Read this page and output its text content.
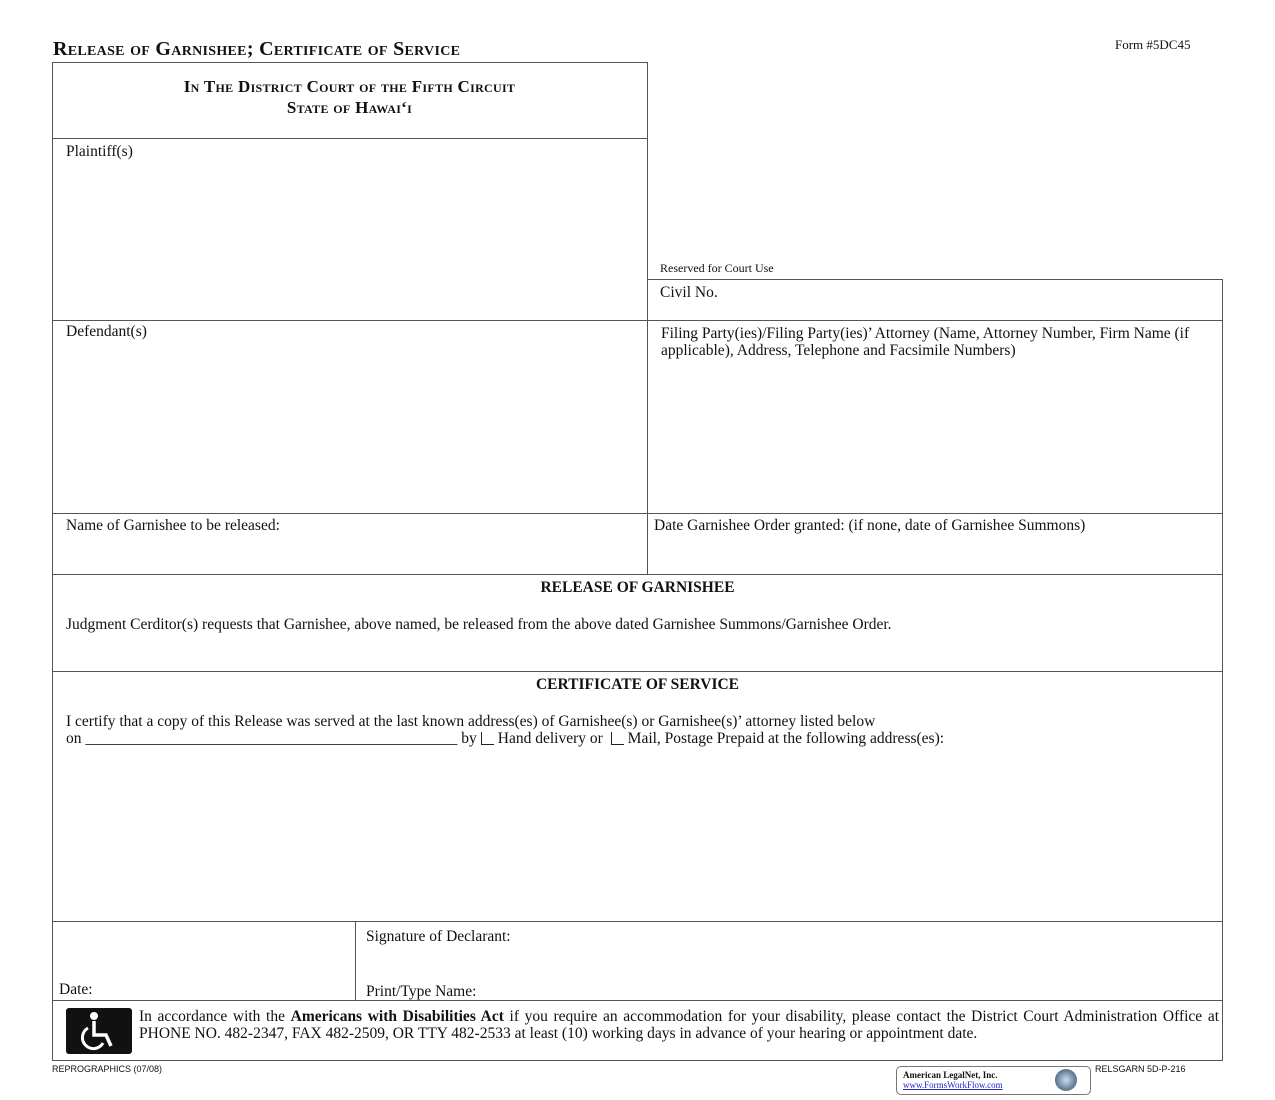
Release of Garnishee; Certificate of Service	Form #5DC45
In The District Court of the Fifth Circuit
State of Hawai‘i
Plaintiff(s)
Reserved for Court Use
Civil No.
Defendant(s)	Filing Party(ies)/Filing Party(ies)’ Attorney (Name, Attorney Number, Firm Name (if applicable), Address, Telephone and Facsimile Numbers)
Name of Garnishee to be released:	Date Garnishee Order granted: (if none, date of Garnishee Summons)
RELEASE OF GARNISHEE
Judgment Cerditor(s) requests that Garnishee, above named, be released from the above dated Garnishee Summons/Garnishee Order.
CERTIFICATE OF SERVICE
I certify that a copy of this Release was served at the last known address(es) of Garnishee(s) or Garnishee(s)’ attorney listed below
on ________________________________________________ by Hand delivery or Mail, Postage Prepaid at the following address(es):
Date:
Signature of Declarant:
Print/Type Name:
In accordance with the Americans with Disabilities Act if you require an accommodation for your disability, please contact the District Court Administration Office at PHONE NO. 482-2347, FAX 482-2509, OR TTY 482-2533 at least (10) working days in advance of your hearing or appointment date.
REPROGRAPHICS (07/08)
American LegalNet, Inc.
www.FormsWorkFlow.com
RELSGARN 5D-P-216
